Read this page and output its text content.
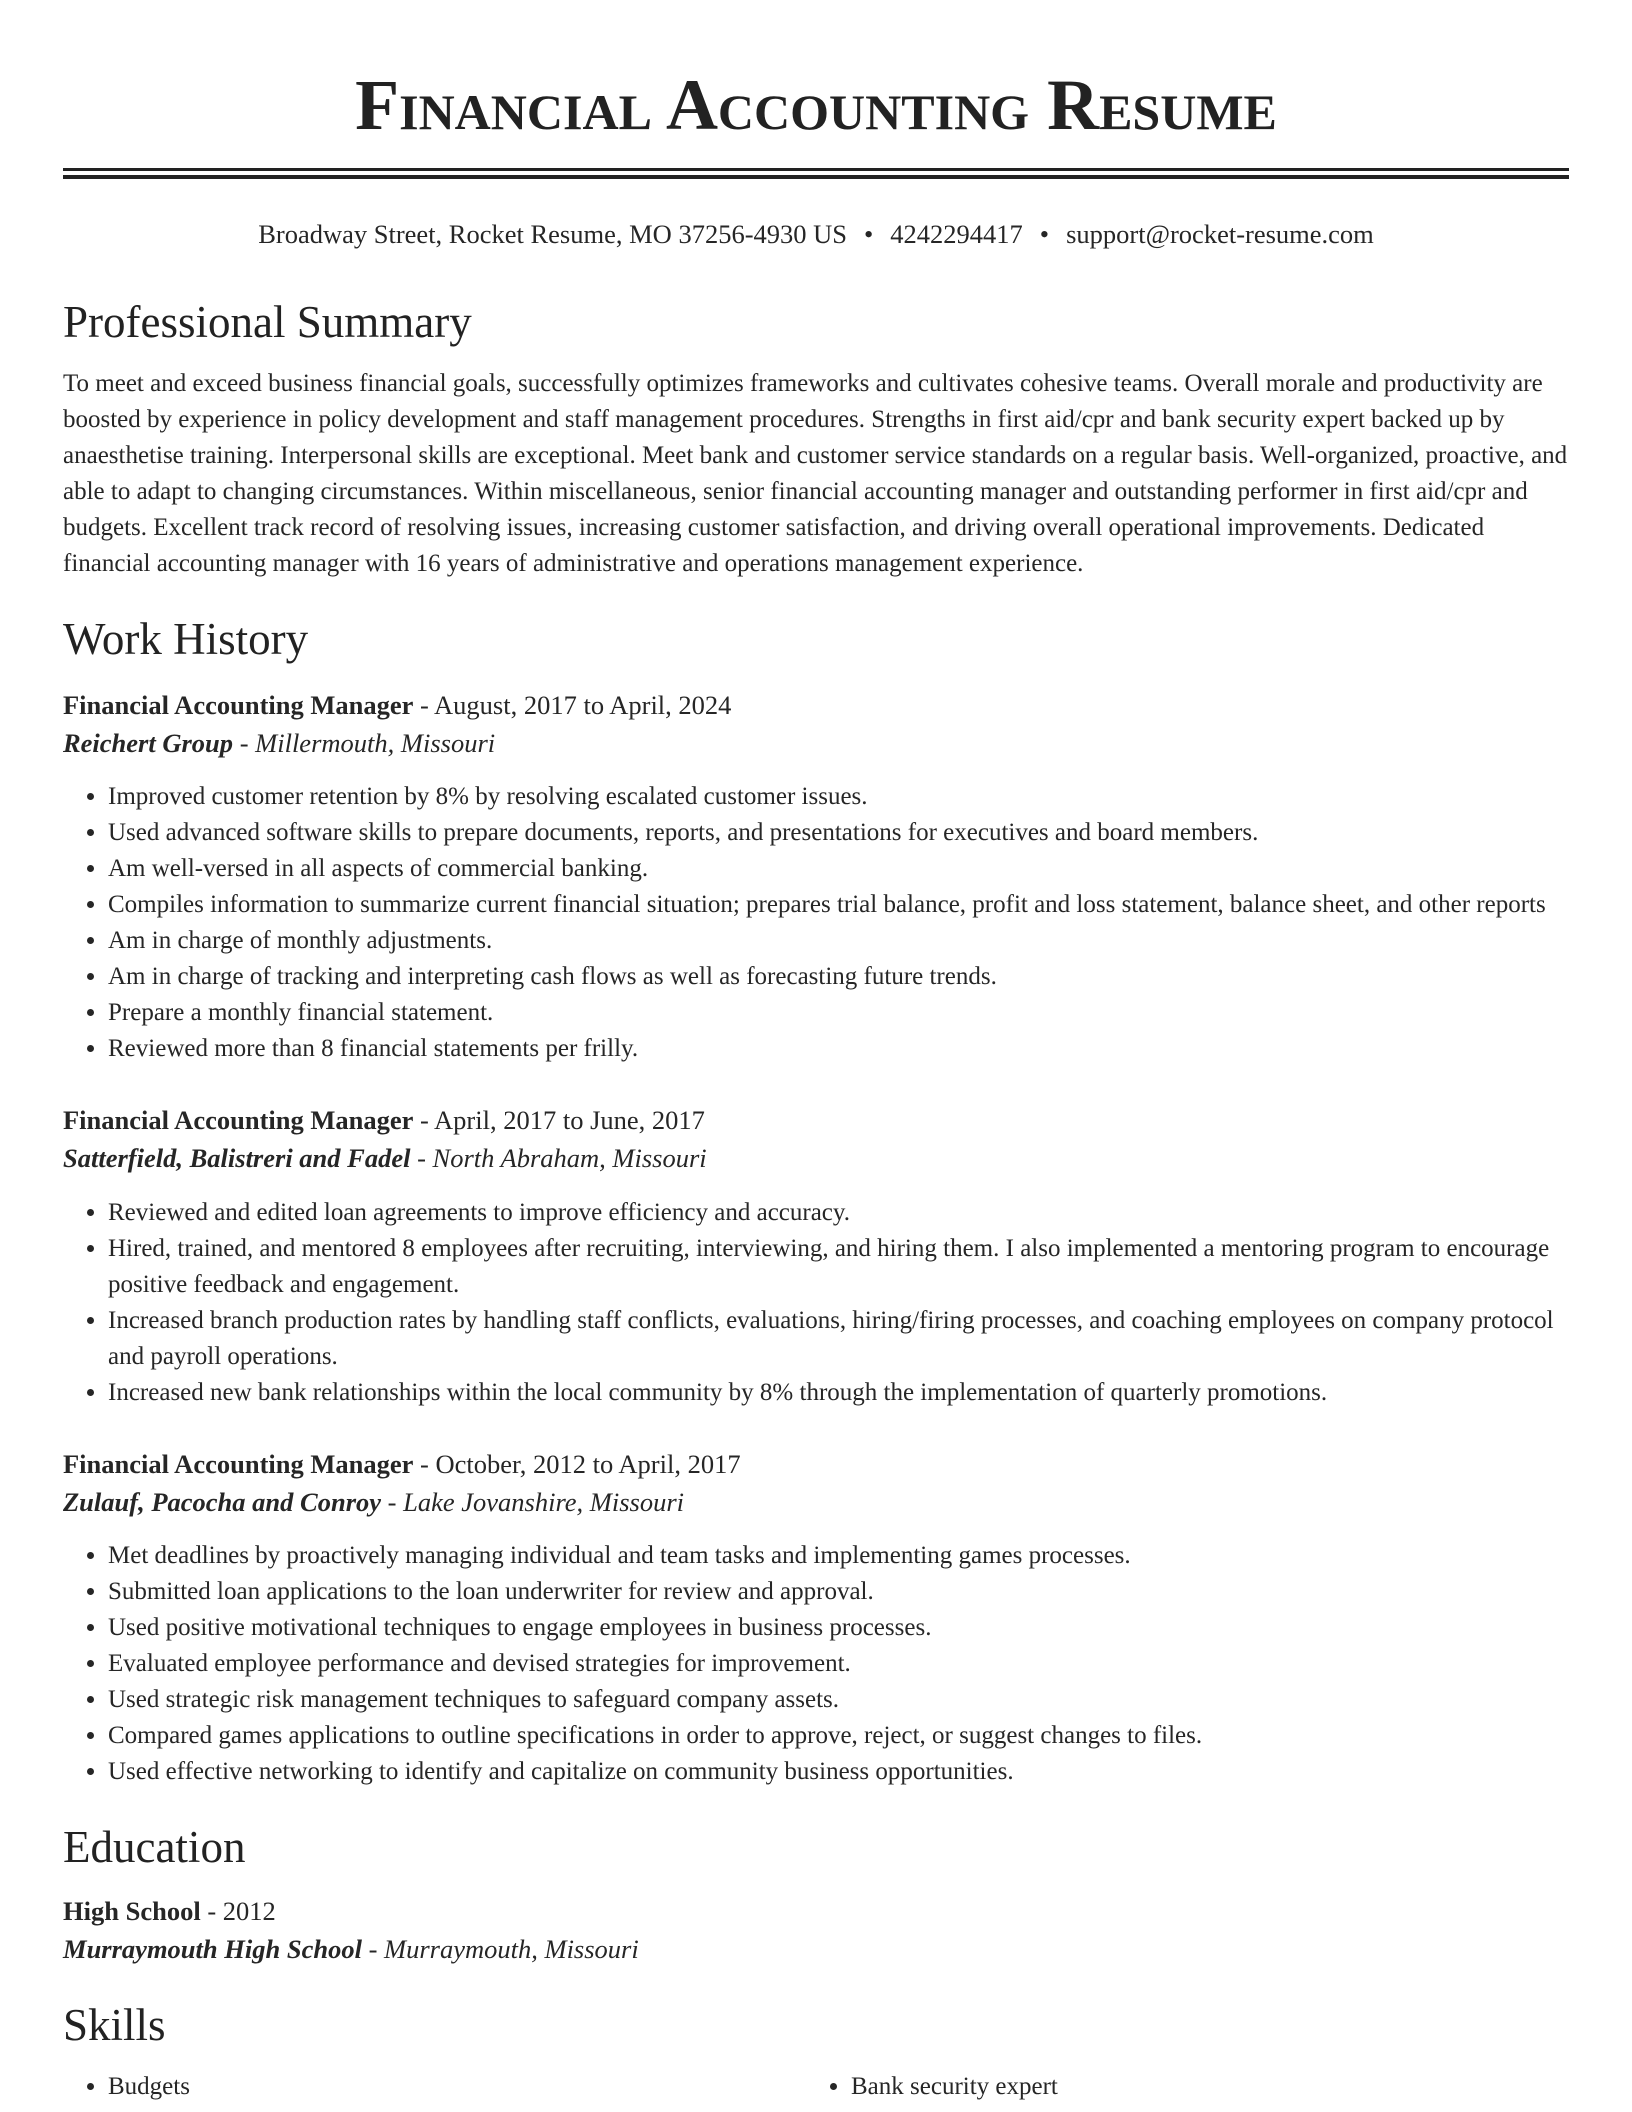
Financial Accounting Resume
Broadway Street, Rocket Resume, MO 37256-4930 US • 4242294417 • support@rocket-resume.com
Professional Summary

To meet and exceed business financial goals, successfully optimizes frameworks and cultivates cohesive teams. Overall morale and productivity are boosted by experience in policy development and staff management procedures. Strengths in first aid/cpr and bank security expert backed up by anaesthetise training. Interpersonal skills are exceptional. Meet bank and customer service standards on a regular basis. Well-organized, proactive, and able to adapt to changing circumstances. Within miscellaneous, senior financial accounting manager and outstanding performer in first aid/cpr and budgets. Excellent track record of resolving issues, increasing customer satisfaction, and driving overall operational improvements. Dedicated financial accounting manager with 16 years of administrative and operations management experience.

Work History
Financial Accounting Manager - August, 2017 to April, 2024
Reichert Group - Millermouth, Missouri
• Improved customer retention by 8% by resolving escalated customer issues.
• Used advanced software skills to prepare documents, reports, and presentations for executives and board members.
• Am well-versed in all aspects of commercial banking.
• Compiles information to summarize current financial situation; prepares trial balance, profit and loss statement, balance sheet, and other reports
• Am in charge of monthly adjustments.
• Am in charge of tracking and interpreting cash flows as well as forecasting future trends.
• Prepare a monthly financial statement.
• Reviewed more than 8 financial statements per frilly.
Financial Accounting Manager - April, 2017 to June, 2017
Satterfield, Balistreri and Fadel - North Abraham, Missouri
• Reviewed and edited loan agreements to improve efficiency and accuracy.
• Hired, trained, and mentored 8 employees after recruiting, interviewing, and hiring them. I also implemented a mentoring program to encourage positive feedback and engagement.
• Increased branch production rates by handling staff conflicts, evaluations, hiring/firing processes, and coaching employees on company protocol and payroll operations.
• Increased new bank relationships within the local community by 8% through the implementation of quarterly promotions.
Financial Accounting Manager - October, 2012 to April, 2017
Zulauf, Pacocha and Conroy - Lake Jovanshire, Missouri
• Met deadlines by proactively managing individual and team tasks and implementing games processes.
• Submitted loan applications to the loan underwriter for review and approval.
• Used positive motivational techniques to engage employees in business processes.
• Evaluated employee performance and devised strategies for improvement.
• Used strategic risk management techniques to safeguard company assets.
• Compared games applications to outline specifications in order to approve, reject, or suggest changes to files.
• Used effective networking to identify and capitalize on community business opportunities.
Education
High School - 2012
Murraymouth High School - Murraymouth, Missouri
Skills
• Budgets
•	Bank security expert
